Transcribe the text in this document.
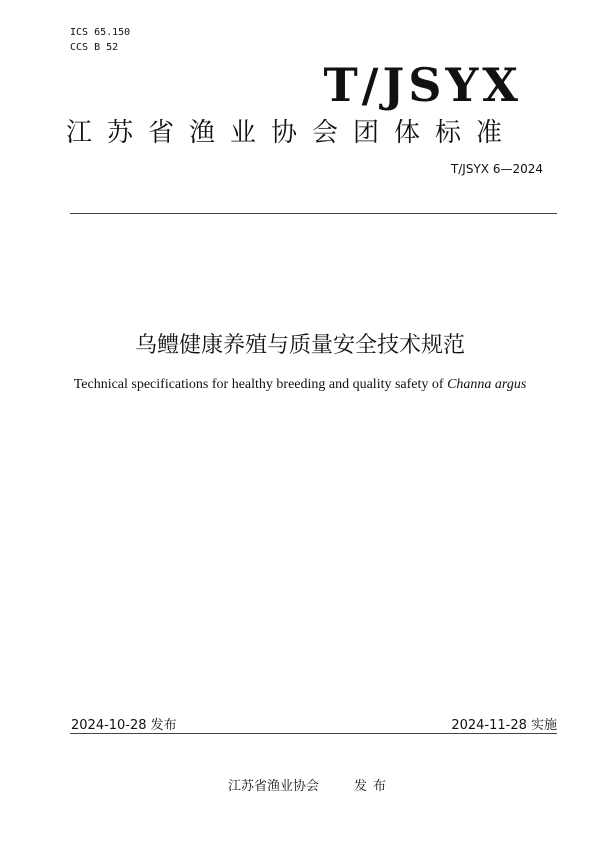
ICS 65.150
CCS B 52
T/JSYX
江苏省渔业协会团体标准
T/JSYX 6—2024
乌鳢健康养殖与质量安全技术规范
Technical specifications for healthy breeding and quality safety of Channa argus
2024-10-28 发布	2024-11-28 实施
江苏省渔业协会	发布
